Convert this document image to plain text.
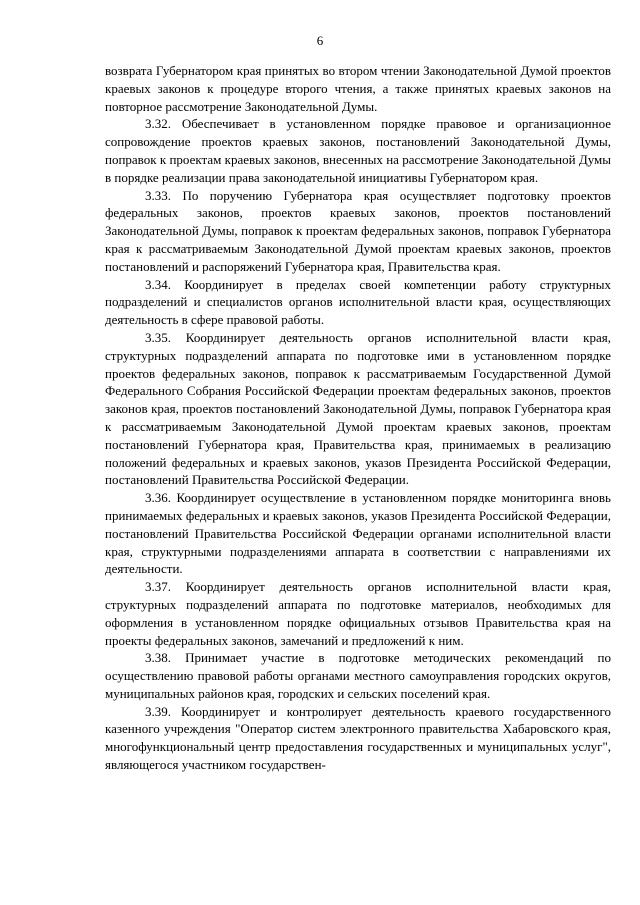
6

возврата Губернатором края принятых во втором чтении Законодательной Думой проектов краевых законов к процедуре второго чтения, а также принятых краевых законов на повторное рассмотрение Законодательной Думы.

3.32. Обеспечивает в установленном порядке правовое и организационное сопровождение проектов краевых законов, постановлений Законодательной Думы, поправок к проектам краевых законов, внесенных на рассмотрение Законодательной Думы в порядке реализации права законодательной инициативы Губернатором края.

3.33. По поручению Губернатора края осуществляет подготовку проектов федеральных законов, проектов краевых законов, проектов постановлений Законодательной Думы, поправок к проектам федеральных законов, поправок Губернатора края к рассматриваемым Законодательной Думой проектам краевых законов, проектов постановлений и распоряжений Губернатора края, Правительства края.

3.34. Координирует в пределах своей компетенции работу структурных подразделений и специалистов органов исполнительной власти края, осуществляющих деятельность в сфере правовой работы.

3.35. Координирует деятельность органов исполнительной власти края, структурных подразделений аппарата по подготовке ими в установленном порядке проектов федеральных законов, поправок к рассматриваемым Государственной Думой Федерального Собрания Российской Федерации проектам федеральных законов, проектов законов края, проектов постановлений Законодательной Думы, поправок Губернатора края к рассматриваемым Законодательной Думой проектам краевых законов, проектам постановлений Губернатора края, Правительства края, принимаемых в реализацию положений федеральных и краевых законов, указов Президента Российской Федерации, постановлений Правительства Российской Федерации.

3.36. Координирует осуществление в установленном порядке мониторинга вновь принимаемых федеральных и краевых законов, указов Президента Российской Федерации, постановлений Правительства Российской Федерации органами исполнительной власти края, структурными подразделениями аппарата в соответствии с направлениями их деятельности.

3.37. Координирует деятельность органов исполнительной власти края, структурных подразделений аппарата по подготовке материалов, необходимых для оформления в установленном порядке официальных отзывов Правительства края на проекты федеральных законов, замечаний и предложений к ним.

3.38. Принимает участие в подготовке методических рекомендаций по осуществлению правовой работы органами местного самоуправления городских округов, муниципальных районов края, городских и сельских поселений края.

3.39. Координирует и контролирует деятельность краевого государственного казенного учреждения "Оператор систем электронного правительства Хабаровского края, многофункциональный центр предоставления государственных и муниципальных услуг", являющегося участником государствен-
